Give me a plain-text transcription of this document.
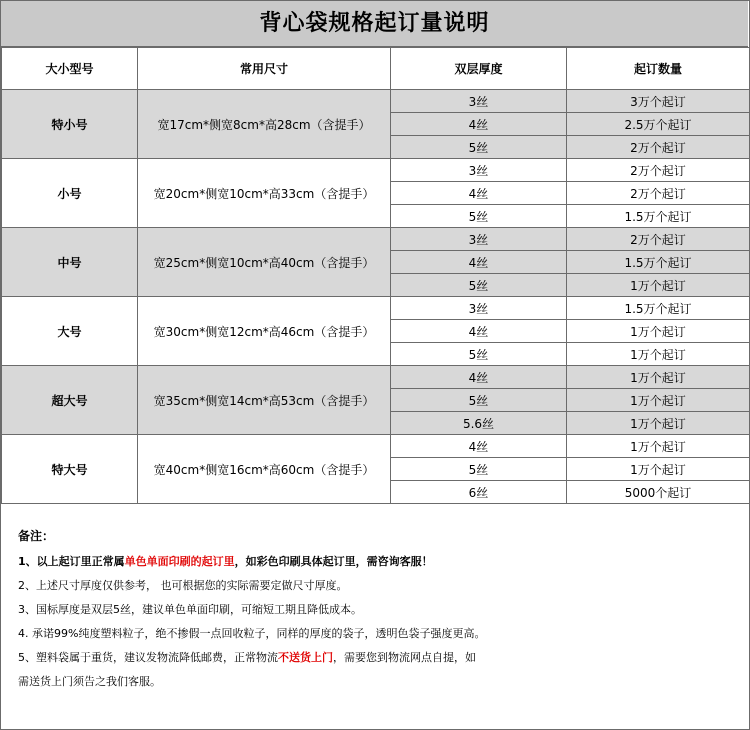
背心袋规格起订量说明
大小型号	常用尺寸	双层厚度	起订数量
特小号	宽17cm*侧宽8cm*高28cm（含提手）	3丝	3万个起订
		4丝	2.5万个起订
		5丝	2万个起订
小号	宽20cm*侧宽10cm*高33cm（含提手）	3丝	2万个起订
		4丝	2万个起订
		5丝	1.5万个起订
中号	宽25cm*侧宽10cm*高40cm（含提手）	3丝	2万个起订
		4丝	1.5万个起订
		5丝	1万个起订
大号	宽30cm*侧宽12cm*高46cm（含提手）	3丝	1.5万个起订
		4丝	1万个起订
		5丝	1万个起订
超大号	宽35cm*侧宽14cm*高53cm（含提手）	4丝	1万个起订
		5丝	1万个起订
		5.6丝	1万个起订
特大号	宽40cm*侧宽16cm*高60cm（含提手）	4丝	1万个起订
		5丝	1万个起订
		6丝	5000个起订
备注：
1、以上起订里正常属单色单面印刷的起订里，如彩色印刷具体起订里，需咨询客服！
2、上述尺寸厚度仅供参考， 也可根据您的实际需要定做尺寸厚度。
3、国标厚度是双层5丝，建议单色单面印刷，可缩短工期且降低成本。
4. 承诺99%纯度塑料粒子，绝不掺假一点回收粒子，同样的厚度的袋子，透明色袋子强度更高。
5、塑料袋属于重货，建议发物流降低邮费，正常物流不送货上门，需要您到物流网点自提，如
需送货上门须告之我们客服。
